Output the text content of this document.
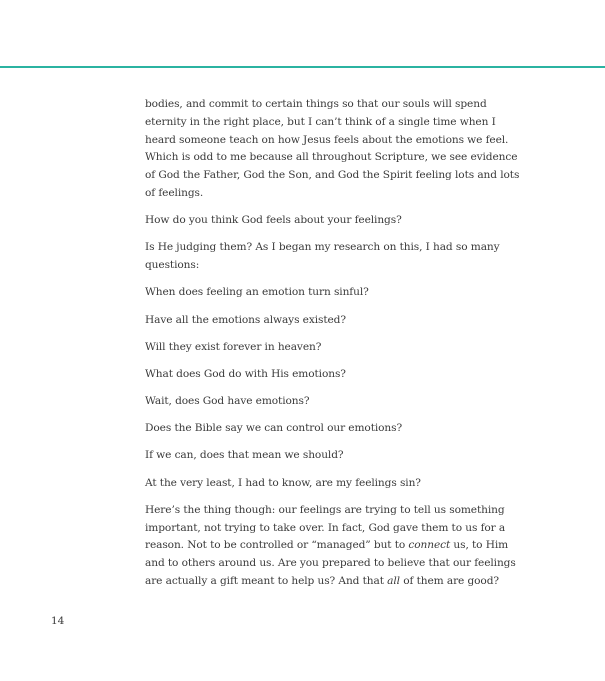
bodies, and commit to certain things so that our souls will spend eternity in the right place, but I can’t think of a single time when I heard someone teach on how Jesus feels about the emotions we feel. Which is odd to me because all throughout Scripture, we see evidence of God the Father, God the Son, and God the Spirit feeling lots and lots of feelings.

How do you think God feels about your feelings?

Is He judging them? As I began my research on this, I had so many questions:

When does feeling an emotion turn sinful?

Have all the emotions always existed?

Will they exist forever in heaven?

What does God do with His emotions?

Wait, does God have emotions?

Does the Bible say we can control our emotions?

If we can, does that mean we should?

At the very least, I had to know, are my feelings sin?

Here’s the thing though: our feelings are trying to tell us something important, not trying to take over. In fact, God gave them to us for a reason. Not to be controlled or “managed” but to connect us, to Him and to others around us. Are you prepared to believe that our feelings are actually a gift meant to help us? And that all of them are good?

14
